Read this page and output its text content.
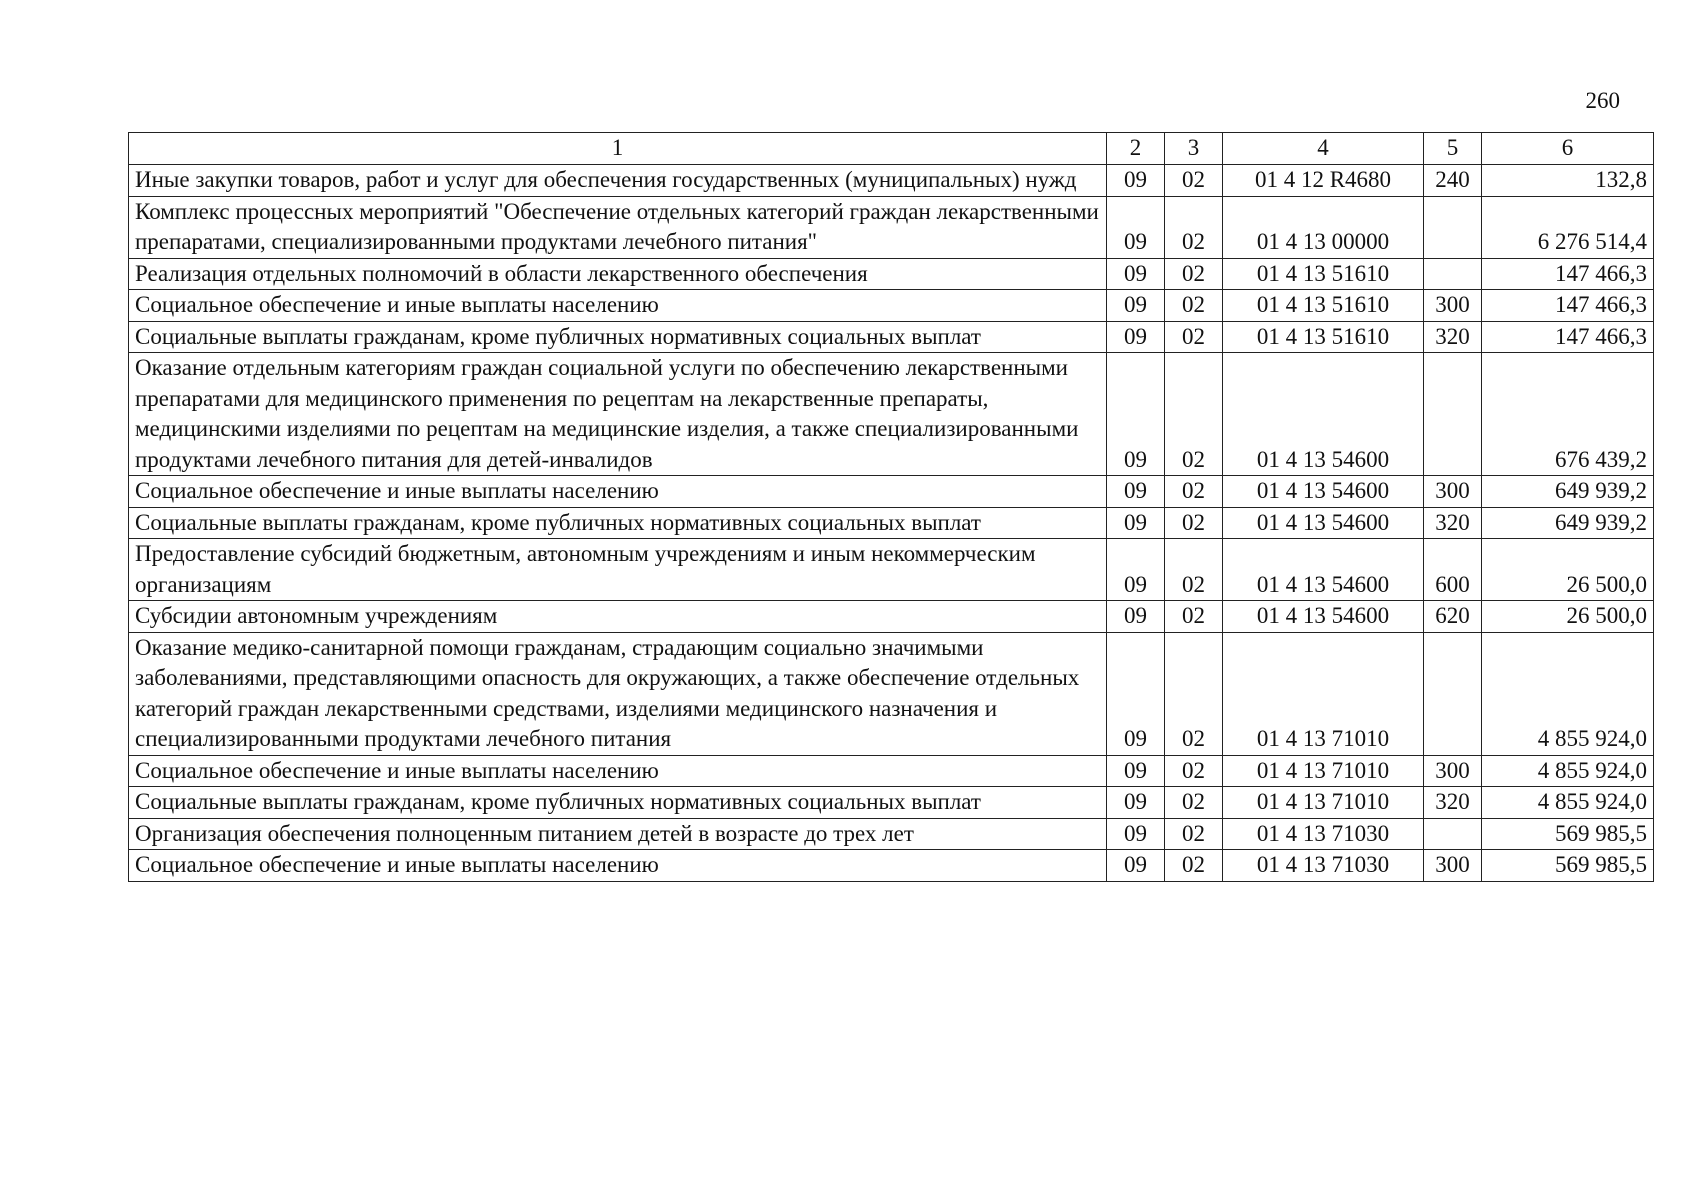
260
1	2	3	4	5	6
Иные закупки товаров, работ и услуг для обеспечения государственных (муниципальных) нужд	09	02	01 4 12 R4680	240	132,8
Комплекс процессных мероприятий "Обеспечение отдельных категорий граждан лекарственными препаратами, специализированными продуктами лечебного питания"	09	02	01 4 13 00000		6 276 514,4
Реализация отдельных полномочий в области лекарственного обеспечения	09	02	01 4 13 51610		147 466,3
Социальное обеспечение и иные выплаты населению	09	02	01 4 13 51610	300	147 466,3
Социальные выплаты гражданам, кроме публичных нормативных социальных выплат	09	02	01 4 13 51610	320	147 466,3
Оказание отдельным категориям граждан социальной услуги по обеспечению лекарственными препаратами для медицинского применения по рецептам на лекарственные препараты, медицинскими изделиями по рецептам на медицинские изделия, а также специализированными продуктами лечебного питания для детей-инвалидов	09	02	01 4 13 54600		676 439,2
Социальное обеспечение и иные выплаты населению	09	02	01 4 13 54600	300	649 939,2
Социальные выплаты гражданам, кроме публичных нормативных социальных выплат	09	02	01 4 13 54600	320	649 939,2
Предоставление субсидий бюджетным, автономным учреждениям и иным некоммерческим организациям	09	02	01 4 13 54600	600	26 500,0
Субсидии автономным учреждениям	09	02	01 4 13 54600	620	26 500,0
Оказание медико-санитарной помощи гражданам, страдающим социально значимыми заболеваниями, представляющими опасность для окружающих, а также обеспечение отдельных категорий граждан лекарственными средствами, изделиями медицинского назначения и специализированными продуктами лечебного питания	09	02	01 4 13 71010		4 855 924,0
Социальное обеспечение и иные выплаты населению	09	02	01 4 13 71010	300	4 855 924,0
Социальные выплаты гражданам, кроме публичных нормативных социальных выплат	09	02	01 4 13 71010	320	4 855 924,0
Организация обеспечения полноценным питанием детей в возрасте до трех лет	09	02	01 4 13 71030		569 985,5
Социальное обеспечение и иные выплаты населению	09	02	01 4 13 71030	300	569 985,5
